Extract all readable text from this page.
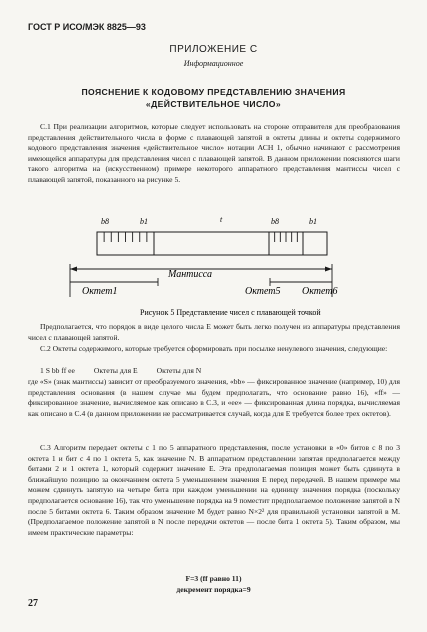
ГОСТ Р ИСО/МЭК 8825—93
ПРИЛОЖЕНИЕ С
Информационное
ПОЯСНЕНИЕ К КОДОВОМУ ПРЕДСТАВЛЕНИЮ ЗНАЧЕНИЯ
«ДЕЙСТВИТЕЛЬНОЕ ЧИСЛО»
С.1 При реализации алгоритмов, которые следует использовать на стороне отправителя для преобразования представления действительного числа в форме с плавающей запятой в октеты длины и октеты содержимого кодового представления значения «действительное число» нотации АСН 1, обычно начинают с рассмотрения имеющейся аппаратуры для представления чисел с плавающей запятой. В данном приложении поясняются шаги такого алгоритма на (искусственном) примере некоторого аппаратного представления мантиссы чисел с плавающей запятой, показанного на рисунке 5.
b8	b1	t	b8	b1
Мантисса
Октет1	Октет5 Октет6
Рисунок 5 Представление чисел с плавающей точкой
Предполагается, что порядок в виде целого числа E может быть легко получен из аппаратуры представления чисел с плавающей запятой.
С.2 Октеты содержимого, которые требуется сформировать при посылке ненулевого значения, следующие:
1 S bb ff ee          Октеты для E          Октеты для N
где «S» (знак мантиссы) зависит от преобразуемого значения, «bb» — фиксированное значение (например, 10) для представления основания (в нашем случае мы будем предполагать, что основание равно 16), «ff» — фиксированное значение, вычисляемое как описано в С.3, и «ee» — фиксированная длина порядка, вычисляемая как описано в С.4 (в данном приложении не рассматривается случай, когда для E требуется более трех октетов).
С.3 Алгоритм передает октеты с 1 по 5 аппаратного представления, после установки в «0» битов с 8 по 3 октета 1 и бит с 4 по 1 октета 5, как значение N. В аппаратном представлении запятая предполагается между битами 2 и 1 октета 1, который содержит значение E. Эта предполагаемая позиция может быть сдвинута в ближайшую позицию за окончанием октета 5 уменьшением значения E перед передачей. В нашем примере мы можем сдвинуть запятую на четыре бита при каждом уменьшении на единицу значения порядка (поскольку предполагается основание 16), так что уменьшение порядка на 9 поместит предполагаемое положение запятой в N после 5 битами октета 6. Таким образом значение M будет равно N×2² для правильной установки запятой в M. (Предполагаемое положение запятой в N после передачи октетов — после бита 1 октета 5). Таким образом, мы имеем практические параметры:
F=3 (ff равно 11)
декремент порядка=9
27
